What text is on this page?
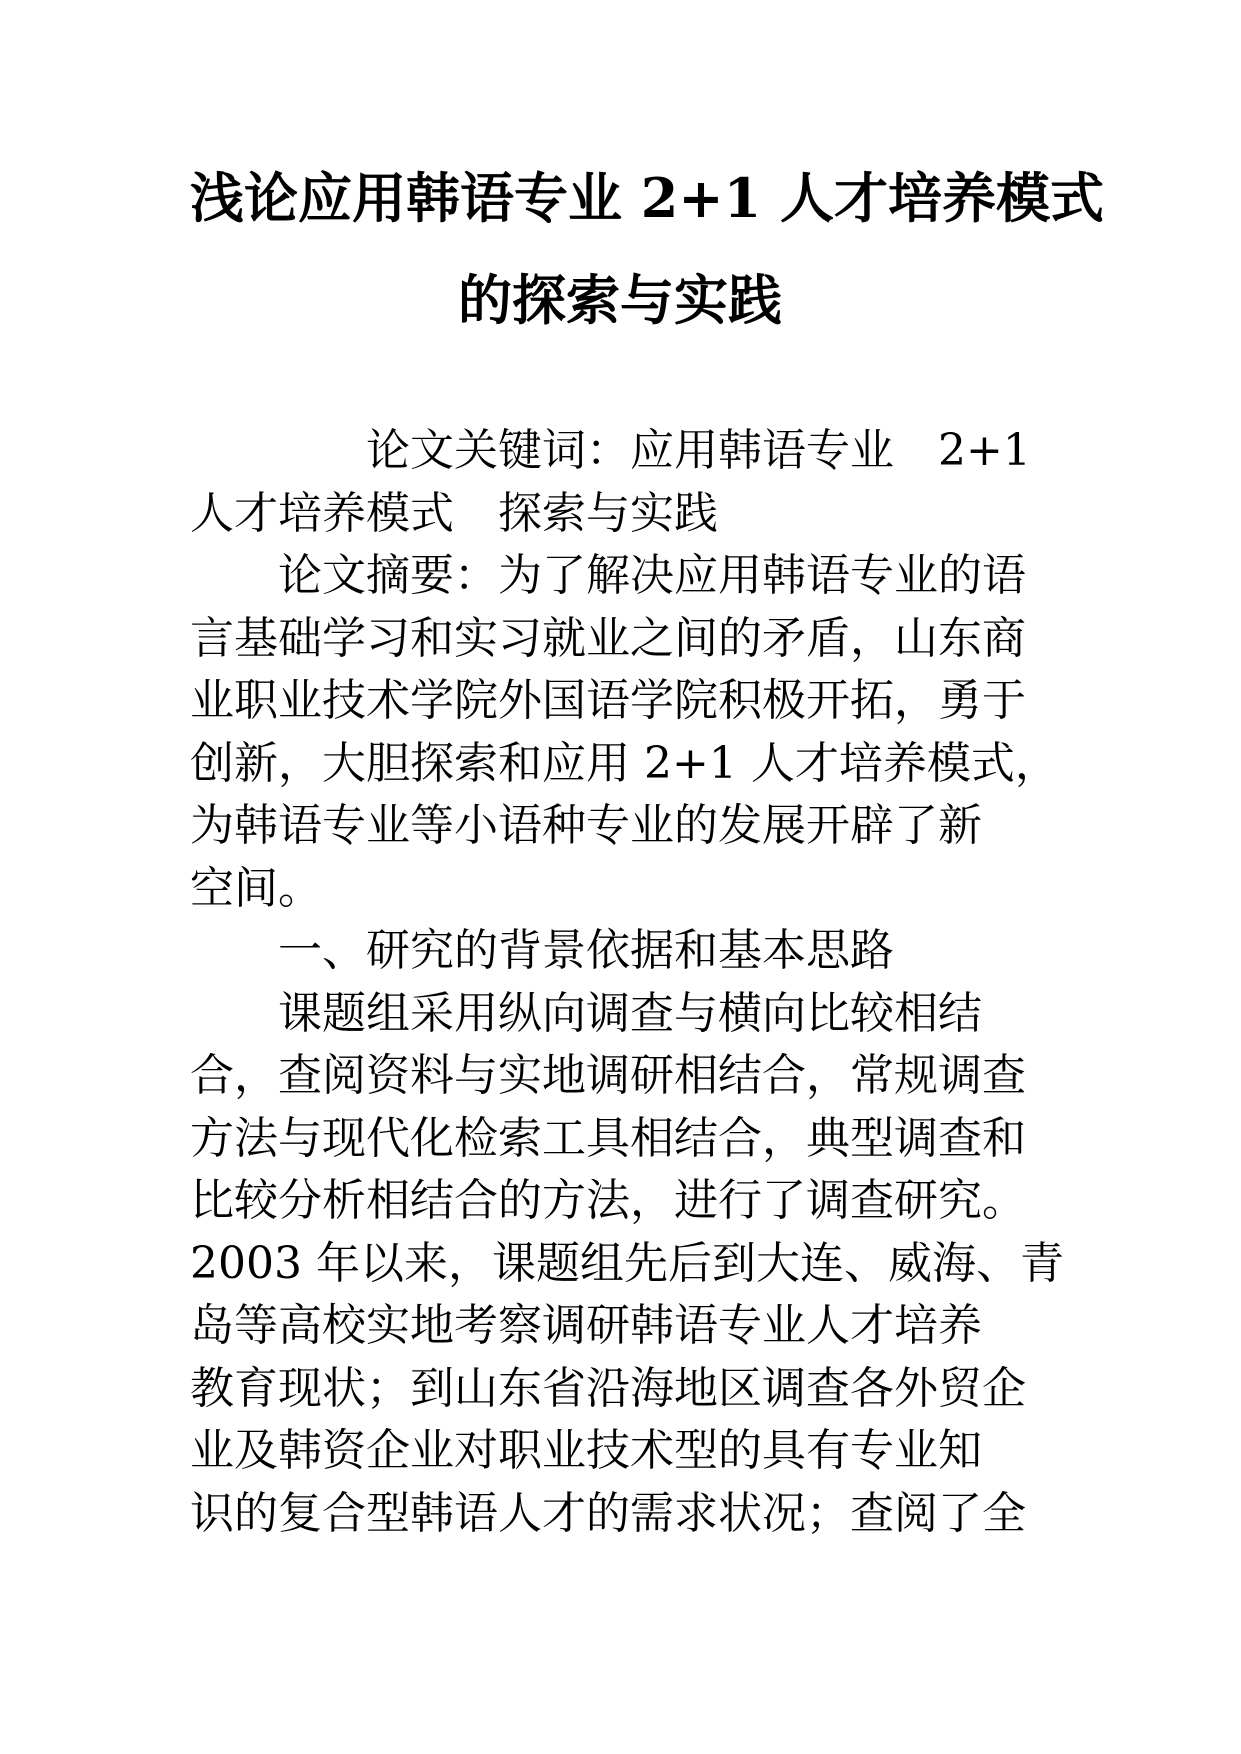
浅论应用韩语专业 2+1 人才培养模式
的探索与实践
论文关键词：应用韩语专业　2+1
人才培养模式　探索与实践
论文摘要：为了解决应用韩语专业的语
言基础学习和实习就业之间的矛盾，山东商
业职业技术学院外国语学院积极开拓，勇于
创新，大胆探索和应用 2+1 人才培养模式，
为韩语专业等小语种专业的发展开辟了新
空间。
一、研究的背景依据和基本思路
课题组采用纵向调查与横向比较相结
合，查阅资料与实地调研相结合，常规调查
方法与现代化检索工具相结合，典型调查和
比较分析相结合的方法，进行了调查研究。
2003 年以来，课题组先后到大连、威海、青
岛等高校实地考察调研韩语专业人才培养
教育现状；到山东省沿海地区调查各外贸企
业及韩资企业对职业技术型的具有专业知
识的复合型韩语人才的需求状况；查阅了全
